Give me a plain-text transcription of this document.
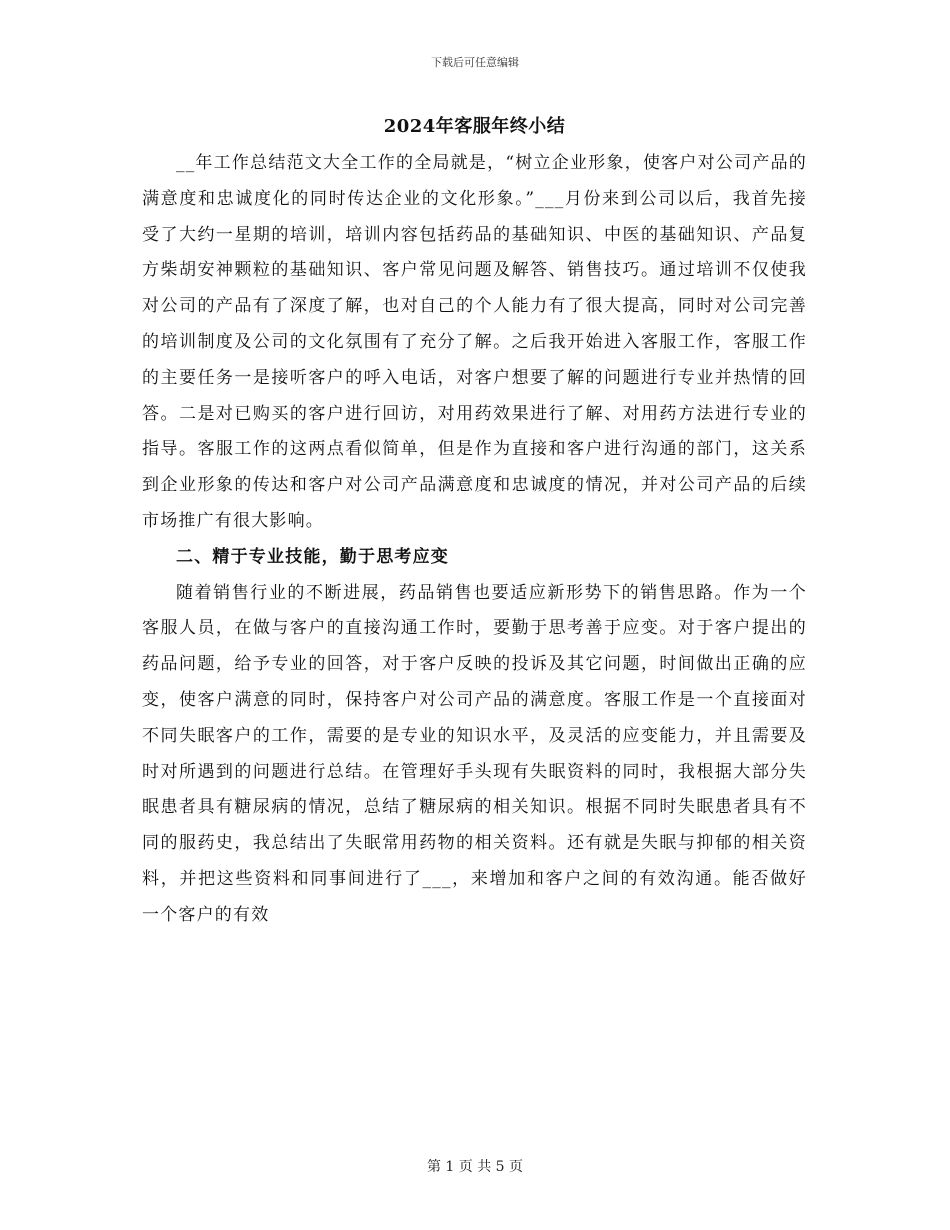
下载后可任意编辑
2024年客服年终小结

__年工作总结范文大全工作的全局就是，“树立企业形象，使客户对公司产品的满意度和忠诚度化的同时传达企业的文化形象。”___月份来到公司以后，我首先接受了大约一星期的培训，培训内容包括药品的基础知识、中医的基础知识、产品复方柴胡安神颗粒的基础知识、客户常见问题及解答、销售技巧。通过培训不仅使我对公司的产品有了深度了解，也对自己的个人能力有了很大提高，同时对公司完善的培训制度及公司的文化氛围有了充分了解。之后我开始进入客服工作，客服工作的主要任务一是接听客户的呼入电话，对客户想要了解的问题进行专业并热情的回答。二是对已购买的客户进行回访，对用药效果进行了解、对用药方法进行专业的指导。客服工作的这两点看似简单，但是作为直接和客户进行沟通的部门，这关系到企业形象的传达和客户对公司产品满意度和忠诚度的情况，并对公司产品的后续市场推广有很大影响。

二、精于专业技能，勤于思考应变

随着销售行业的不断进展，药品销售也要适应新形势下的销售思路。作为一个客服人员，在做与客户的直接沟通工作时，要勤于思考善于应变。对于客户提出的药品问题，给予专业的回答，对于客户反映的投诉及其它问题，时间做出正确的应变，使客户满意的同时，保持客户对公司产品的满意度。客服工作是一个直接面对不同失眠客户的工作，需要的是专业的知识水平，及灵活的应变能力，并且需要及时对所遇到的问题进行总结。在管理好手头现有失眠资料的同时，我根据大部分失眠患者具有糖尿病的情况，总结了糖尿病的相关知识。根据不同时失眠患者具有不同的服药史，我总结出了失眠常用药物的相关资料。还有就是失眠与抑郁的相关资料，并把这些资料和同事间进行了___，来增加和客户之间的有效沟通。能否做好一个客户的有效

第 1 页 共 5 页
